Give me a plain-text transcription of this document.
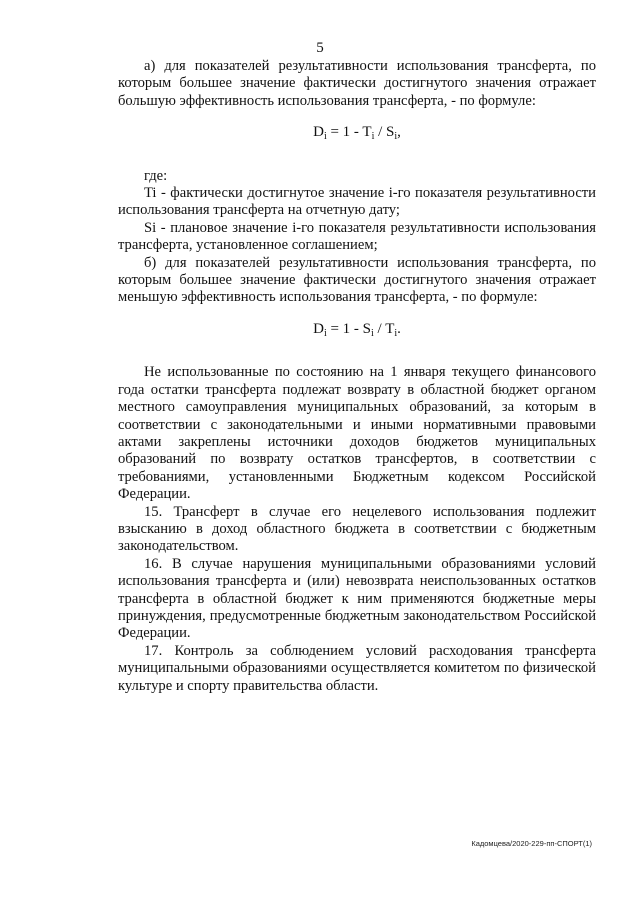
5

а) для показателей результативности использования трансферта, по которым большее значение фактически достигнутого значения отражает большую эффективность использования трансферта, - по формуле:

$D_i = 1 - T_i / S_i$,

где:

Ti - фактически достигнутое значение i-го показателя результативности использования трансферта на отчетную дату;

Si - плановое значение i-го показателя результативности использования трансферта, установленное соглашением;

б) для показателей результативности использования трансферта, по которым большее значение фактически достигнутого значения отражает меньшую эффективность использования трансферта, - по формуле:

$D_i = 1 - S_i / T_i$.

Не использованные по состоянию на 1 января текущего финансового года остатки трансферта подлежат возврату в областной бюджет органом местного самоуправления муниципальных образований, за которым в соответствии с законодательными и иными нормативными правовыми актами закреплены источники доходов бюджетов муниципальных образований по возврату остатков трансфертов, в соответствии с требованиями, установленными Бюджетным кодексом Российской Федерации.

15. Трансферт в случае его нецелевого использования подлежит взысканию в доход областного бюджета в соответствии с бюджетным законодательством.

16. В случае нарушения муниципальными образованиями условий использования трансферта и (или) невозврата неиспользованных остатков трансферта в областной бюджет к ним применяются бюджетные меры принуждения, предусмотренные бюджетным законодательством Российской Федерации.

17. Контроль за соблюдением условий расходования трансферта муниципальными образованиями осуществляется комитетом по физической культуре и спорту правительства области.

Кадомцева/2020-229-пп-СПОРТ(1)
